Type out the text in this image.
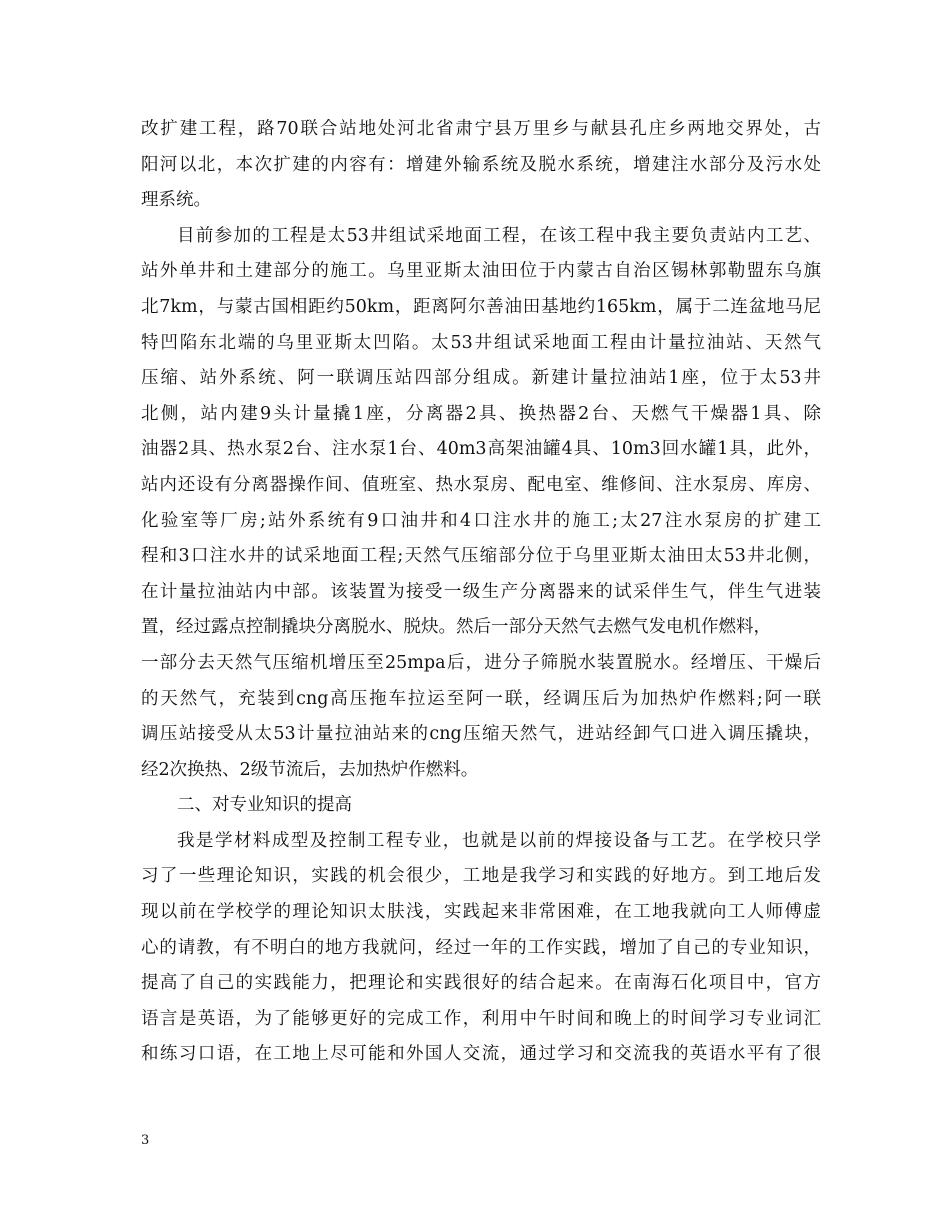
改扩建工程，路70联合站地处河北省肃宁县万里乡与献县孔庄乡两地交界处，古
阳河以北，本次扩建的内容有：增建外输系统及脱水系统，增建注水部分及污水处
理系统。
目前参加的工程是太53井组试采地面工程，在该工程中我主要负责站内工艺、
站外单井和土建部分的施工。乌里亚斯太油田位于内蒙古自治区锡林郭勒盟东乌旗
北7km，与蒙古国相距约50km，距离阿尔善油田基地约165km，属于二连盆地马尼
特凹陷东北端的乌里亚斯太凹陷。太53井组试采地面工程由计量拉油站、天然气
压缩、站外系统、阿一联调压站四部分组成。新建计量拉油站1座，位于太53井
北侧，站内建9头计量撬1座，分离器2具、换热器2台、天燃气干燥器1具、除
油器2具、热水泵2台、注水泵1台、40m3高架油罐4具、10m3回水罐1具，此外，
站内还设有分离器操作间、值班室、热水泵房、配电室、维修间、注水泵房、库房、
化验室等厂房;站外系统有9口油井和4口注水井的施工;太27注水泵房的扩建工
程和3口注水井的试采地面工程;天然气压缩部分位于乌里亚斯太油田太53井北侧，
在计量拉油站内中部。该装置为接受一级生产分离器来的试采伴生气，伴生气进装
置，经过露点控制撬块分离脱水、脱炔。然后一部分天然气去燃气发电机作燃料，
一部分去天然气压缩机增压至25mpa后，进分子筛脱水装置脱水。经增压、干燥后
的天然气，充装到cng高压拖车拉运至阿一联，经调压后为加热炉作燃料;阿一联
调压站接受从太53计量拉油站来的cng压缩天然气，进站经卸气口进入调压撬块，
经2次换热、2级节流后，去加热炉作燃料。
二、对专业知识的提高
我是学材料成型及控制工程专业，也就是以前的焊接设备与工艺。在学校只学
习了一些理论知识，实践的机会很少，工地是我学习和实践的好地方。到工地后发
现以前在学校学的理论知识太肤浅，实践起来非常困难，在工地我就向工人师傅虚
心的请教，有不明白的地方我就问，经过一年的工作实践，增加了自己的专业知识，
提高了自己的实践能力，把理论和实践很好的结合起来。在南海石化项目中，官方
语言是英语，为了能够更好的完成工作，利用中午时间和晚上的时间学习专业词汇
和练习口语，在工地上尽可能和外国人交流，通过学习和交流我的英语水平有了很
3
